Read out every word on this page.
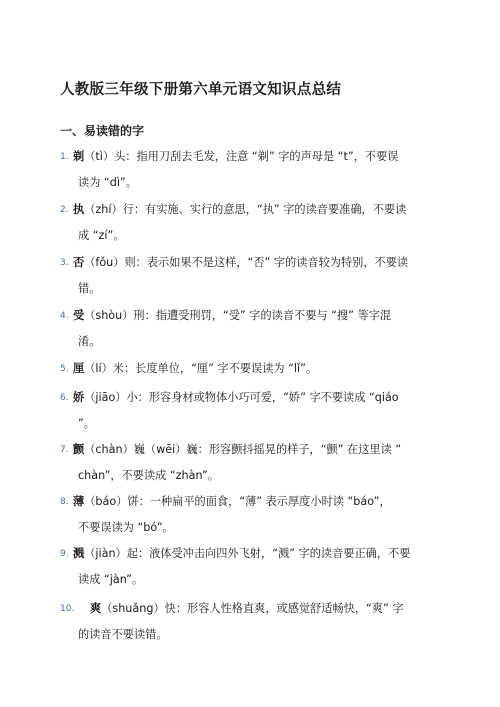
人教版三年级下册第六单元语文知识点总结
一、易读错的字
1. 剃（tì）头：指用刀刮去毛发，注意 “剃” 字的声母是 “t”，不要误
读为 “dì”。
2. 执（zhí）行：有实施、实行的意思，“执” 字的读音要准确，不要读
成 “zí”。
3. 否（fǒu）则：表示如果不是这样，“否” 字的读音较为特别，不要读
错。
4. 受（shòu）刑：指遭受刑罚，“受” 字的读音不要与 “搜” 等字混
淆。
5. 厘（lí）米：长度单位，“厘” 字不要误读为 “lǐ”。
6. 娇（jiāo）小：形容身材或物体小巧可爱，“娇” 字不要读成 “qiáo
”。
7. 颤（chàn）巍（wēi）巍：形容颤抖摇晃的样子，“颤” 在这里读 “
chàn”，不要读成 “zhàn”。
8. 薄（báo）饼：一种扁平的面食，“薄” 表示厚度小时读 “báo”，
不要误读为 “bó”。
9. 溅（jiàn）起：液体受冲击向四外飞射，“溅” 字的读音要正确，不要
读成 “jàn”。
10. 爽（shuǎng）快：形容人性格直爽，或感觉舒适畅快，“爽” 字
的读音不要读错。
